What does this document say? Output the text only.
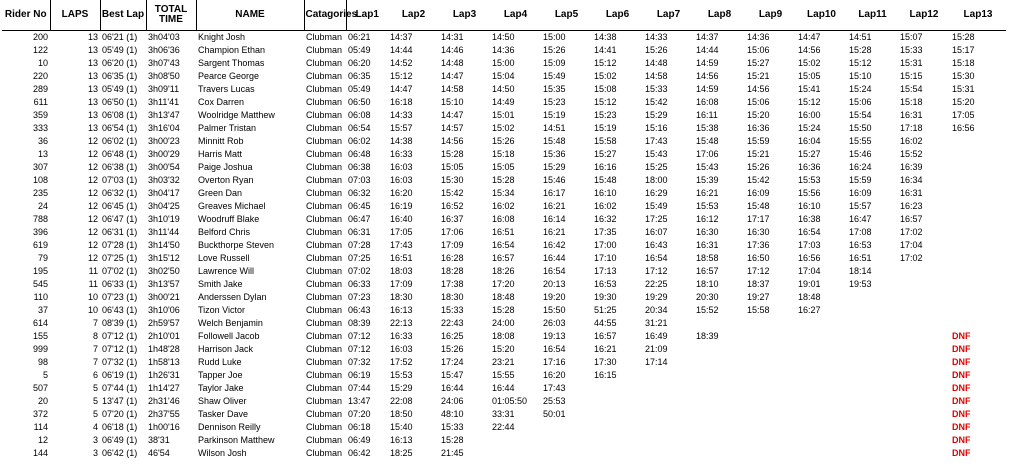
Rider No	LAPS	Best Lap	TOTAL TIME	NAME	Catagories	Lap1	Lap2	Lap3	Lap4	Lap5	Lap6	Lap7	Lap8	Lap9	Lap10	Lap11	Lap12	Lap13
200	13	06'21 (1)	3h04'03	Knight Josh	Clubman	06:21	14:37	14:31	14:50	15:00	14:38	14:33	14:37	14:36	14:47	14:51	15:07	15:28
122	13	05'49 (1)	3h06'36	Champion Ethan	Clubman	05:49	14:44	14:46	14:36	15:26	14:41	15:26	14:44	15:06	14:56	15:28	15:33	15:17
10	13	06'20 (1)	3h07'43	Sargent Thomas	Clubman	06:20	14:52	14:48	15:00	15:09	15:12	14:48	14:59	15:27	15:02	15:12	15:31	15:18
220	13	06'35 (1)	3h08'50	Pearce George	Clubman	06:35	15:12	14:47	15:04	15:49	15:02	14:58	14:56	15:21	15:05	15:10	15:15	15:30
289	13	05'49 (1)	3h09'11	Travers Lucas	Clubman	05:49	14:47	14:58	14:50	15:35	15:08	15:33	14:59	14:56	15:41	15:24	15:54	15:31
611	13	06'50 (1)	3h11'41	Cox Darren	Clubman	06:50	16:18	15:10	14:49	15:23	15:12	15:42	16:08	15:06	15:12	15:06	15:18	15:20
359	13	06'08 (1)	3h13'47	Woolridge Matthew	Clubman	06:08	14:33	14:47	15:01	15:19	15:23	15:29	16:11	15:20	16:00	15:54	16:31	17:05
333	13	06'54 (1)	3h16'04	Palmer Tristan	Clubman	06:54	15:57	14:57	15:02	14:51	15:19	15:16	15:38	16:36	15:24	15:50	17:18	16:56
36	12	06'02 (1)	3h00'23	Minnitt Rob	Clubman	06:02	14:38	14:56	15:26	15:48	15:58	17:43	15:48	15:59	16:04	15:55	16:02	
13	12	06'48 (1)	3h00'29	Harris Matt	Clubman	06:48	16:33	15:28	15:18	15:36	15:27	15:43	17:06	15:21	15:27	15:46	15:52	
307	12	06'38 (1)	3h00'54	Paige Joshua	Clubman	06:38	16:03	15:05	15:05	15:29	16:16	15:25	15:43	15:26	16:36	16:24	16:39	
108	12	07'03 (1)	3h03'32	Overton Ryan	Clubman	07:03	16:03	15:30	15:28	15:46	15:48	18:00	15:39	15:42	15:53	15:59	16:34	
235	12	06'32 (1)	3h04'17	Green Dan	Clubman	06:32	16:20	15:42	15:34	16:17	16:10	16:29	16:21	16:09	15:56	16:09	16:31	
24	12	06'45 (1)	3h04'25	Greaves Michael	Clubman	06:45	16:19	16:52	16:02	16:21	16:02	15:49	15:53	15:48	16:10	15:57	16:23	
788	12	06'47 (1)	3h10'19	Woodruff Blake	Clubman	06:47	16:40	16:37	16:08	16:14	16:32	17:25	16:12	17:17	16:38	16:47	16:57	
396	12	06'31 (1)	3h11'44	Belford Chris	Clubman	06:31	17:05	17:06	16:51	16:21	17:35	16:07	16:30	16:30	16:54	17:08	17:02	
619	12	07'28 (1)	3h14'50	Buckthorpe Steven	Clubman	07:28	17:43	17:09	16:54	16:42	17:00	16:43	16:31	17:36	17:03	16:53	17:04	
79	12	07'25 (1)	3h15'12	Love Russell	Clubman	07:25	16:51	16:28	16:57	16:44	17:10	16:54	18:58	16:50	16:56	16:51	17:02	
195	11	07'02 (1)	3h02'50	Lawrence Will	Clubman	07:02	18:03	18:28	18:26	16:54	17:13	17:12	16:57	17:12	17:04	18:14		
545	11	06'33 (1)	3h13'57	Smith Jake	Clubman	06:33	17:09	17:38	17:20	20:13	16:53	22:25	18:10	18:37	19:01	19:53		
110	10	07'23 (1)	3h00'21	Anderssen Dylan	Clubman	07:23	18:30	18:30	18:48	19:20	19:30	19:29	20:30	19:27	18:48			
37	10	06'43 (1)	3h10'06	Tizon Victor	Clubman	06:43	16:13	15:33	15:28	15:50	51:25	20:34	15:52	15:58	16:27			
614	7	08'39 (1)	2h59'57	Welch Benjamin	Clubman	08:39	22:13	22:43	24:00	26:03	44:55	31:21						
155	8	07'12 (1)	2h10'01	Followell Jacob	Clubman	07:12	16:33	16:25	18:08	19:13	16:57	16:49	18:39					DNF
999	7	07'12 (1)	1h48'28	Harrison Jack	Clubman	07:12	16:03	15:26	15:20	16:54	16:21	21:09						DNF
98	7	07'32 (1)	1h58'13	Rudd Luke	Clubman	07:32	17:52	17:24	23:21	17:16	17:30	17:14						DNF
5	6	06'19 (1)	1h26'31	Tapper Joe	Clubman	06:19	15:53	15:47	15:55	16:20	16:15							DNF
507	5	07'44 (1)	1h14'27	Taylor Jake	Clubman	07:44	15:29	16:44	16:44	17:43								DNF
20	5	13'47 (1)	2h31'46	Shaw Oliver	Clubman	13:47	22:08	24:06	01:05:50	25:53								DNF
372	5	07'20 (1)	2h37'55	Tasker Dave	Clubman	07:20	18:50	48:10	33:31	50:01								DNF
114	4	06'18 (1)	1h00'16	Dennison Reilly	Clubman	06:18	15:40	15:33	22:44									DNF
12	3	06'49 (1)	38'31	Parkinson Matthew	Clubman	06:49	16:13	15:28										DNF
144	3	06'42 (1)	46'54	Wilson Josh	Clubman	06:42	18:25	21:45										DNF
